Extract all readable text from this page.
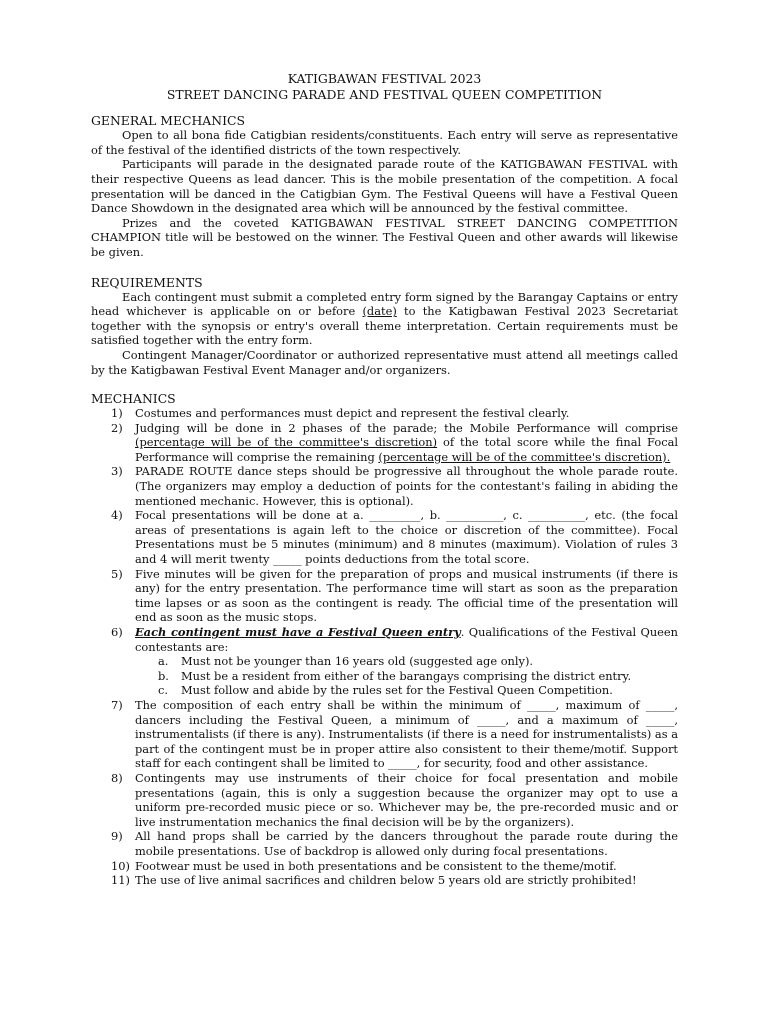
KATIGBAWAN FESTIVAL 2023

STREET DANCING PARADE AND FESTIVAL QUEEN COMPETITION

GENERAL MECHANICS

Open to all bona fide Catigbian residents/constituents. Each entry will serve as representative of the festival of the identified districts of the town respectively.

Participants will parade in the designated parade route of the KATIGBAWAN FESTIVAL with their respective Queens as lead dancer. This is the mobile presentation of the competition. A focal presentation will be danced in the Catigbian Gym. The Festival Queens will have a Festival Queen Dance Showdown in the designated area which will be announced by the festival committee.

Prizes and the coveted KATIGBAWAN FESTIVAL STREET DANCING COMPETITION CHAMPION title will be bestowed on the winner. The Festival Queen and other awards will likewise be given.

REQUIREMENTS

Each contingent must submit a completed entry form signed by the Barangay Captains or entry head whichever is applicable on or before (date) to the Katigbawan Festival 2023 Secretariat together with the synopsis or entry's overall theme interpretation. Certain requirements must be satisfied together with the entry form.

Contingent Manager/Coordinator or authorized representative must attend all meetings called by the Katigbawan Festival Event Manager and/or organizers.

MECHANICS

1) Costumes and performances must depict and represent the festival clearly.
2) Judging will be done in 2 phases of the parade; the Mobile Performance will comprise (percentage will be of the committee's discretion) of the total score while the final Focal Performance will comprise the remaining (percentage will be of the committee's discretion).
3) PARADE ROUTE dance steps should be progressive all throughout the whole parade route. (The organizers may employ a deduction of points for the contestant's failing in abiding the mentioned mechanic. However, this is optional).
4) Focal presentations will be done at a. _________, b. __________, c. __________, etc. (the focal areas of presentations is again left to the choice or discretion of the committee). Focal Presentations must be 5 minutes (minimum) and 8 minutes (maximum). Violation of rules 3 and 4 will merit twenty _____ points deductions from the total score.
5) Five minutes will be given for the preparation of props and musical instruments (if there is any) for the entry presentation. The performance time will start as soon as the preparation time lapses or as soon as the contingent is ready. The official time of the presentation will end as soon as the music stops.
6) Each contingent must have a Festival Queen entry. Qualifications of the Festival Queen contestants are:
a. Must not be younger than 16 years old (suggested age only).
b. Must be a resident from either of the barangays comprising the district entry.
c. Must follow and abide by the rules set for the Festival Queen Competition.
7) The composition of each entry shall be within the minimum of _____, maximum of _____, dancers including the Festival Queen, a minimum of _____, and a maximum of _____, instrumentalists (if there is any). Instrumentalists (if there is a need for instrumentalists) as a part of the contingent must be in proper attire also consistent to their theme/motif. Support staff for each contingent shall be limited to _____, for security, food and other assistance.
8) Contingents may use instruments of their choice for focal presentation and mobile presentations (again, this is only a suggestion because the organizer may opt to use a uniform pre-recorded music piece or so. Whichever may be, the pre-recorded music and or live instrumentation mechanics the final decision will be by the organizers).
9) All hand props shall be carried by the dancers throughout the parade route during the mobile presentations. Use of backdrop is allowed only during focal presentations.
10) Footwear must be used in both presentations and be consistent to the theme/motif.
11) The use of live animal sacrifices and children below 5 years old are strictly prohibited!
